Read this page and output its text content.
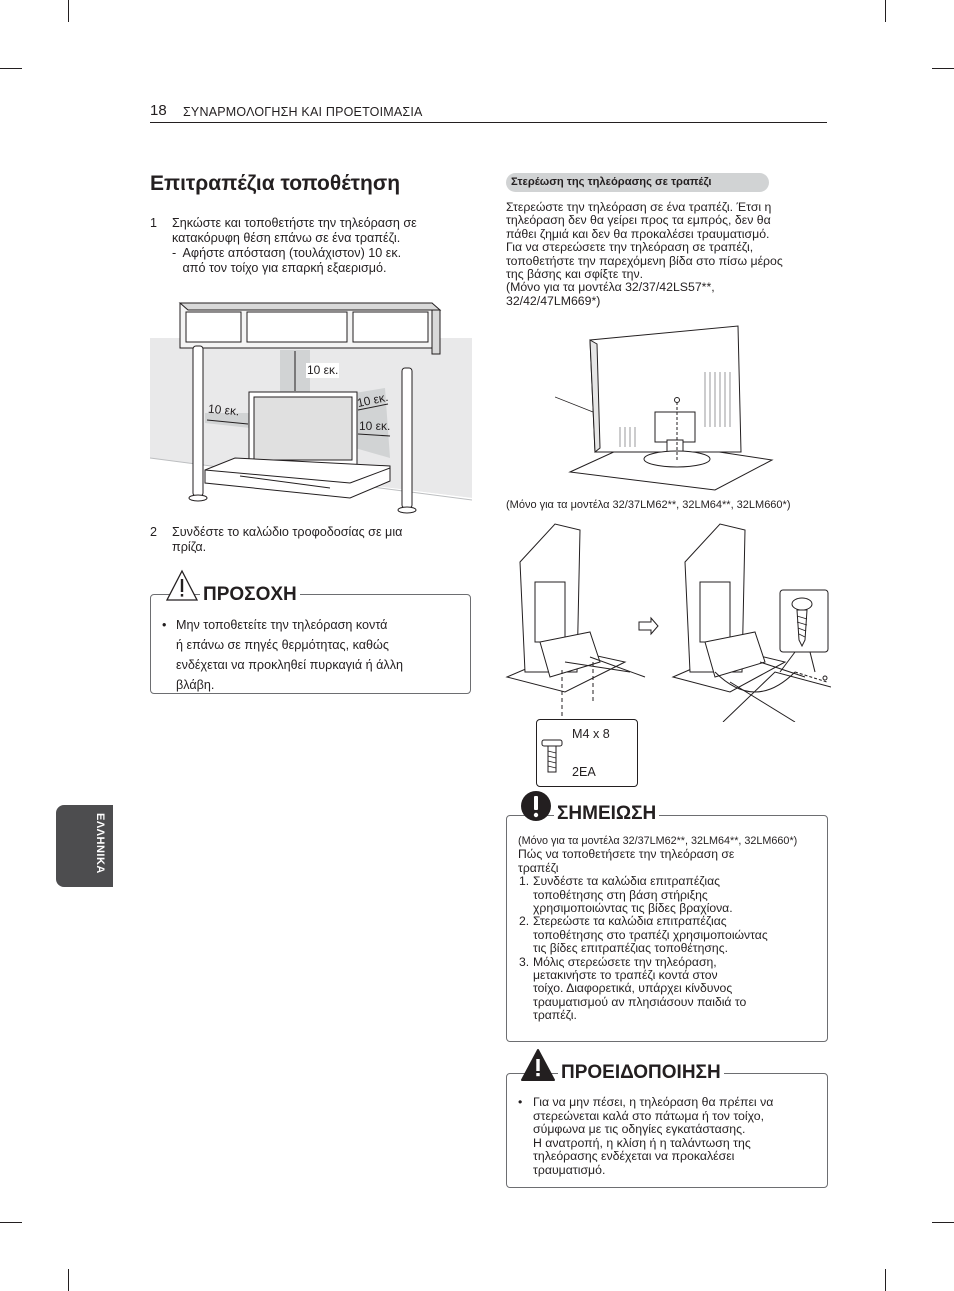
18 ΣΥΝΑΡΜΟΛΟΓΗΣΗ ΚΑΙ ΠΡΟΕΤΟΙΜΑΣΙΑ
Επιτραπέζια τοποθέτηση
1 Σηκώστε και τοποθετήστε την τηλεόραση σε
κατακόρυφη θέση επάνω σε ένα τραπέζι.
-  Αφήστε απόσταση (τουλάχιστον) 10 εκ.
από τον τοίχο για επαρκή εξαερισμό.
10 εκ.
10 εκ.	10 εκ.
10 εκ.
2 Συνδέστε το καλώδιο τροφοδοσίας σε μια
πρίζα.
ΠΡΟΣΟΧΗ
• Μην τοποθετείτε την τηλεόραση κοντά
ή επάνω σε πηγές θερμότητας, καθώς
ενδέχεται να προκληθεί πυρκαγιά ή άλλη
βλάβη.
ΕΛΛΗΝΙΚΑ
Στερέωση της τηλεόρασης σε τραπέζι
Στερεώστε την τηλεόραση σε ένα τραπέζι. Έτσι η
τηλεόραση δεν θα γείρει προς τα εμπρός, δεν θα
πάθει ζημιά και δεν θα προκαλέσει τραυματισμό.
Για να στερεώσετε την τηλεόραση σε τραπέζι,
τοποθετήστε την παρεχόμενη βίδα στο πίσω μέρος
της βάσης και σφίξτε την.
(Μόνο για τα μοντέλα 32/37/42LS57**,
32/42/47LM669*)
(Μόνο για τα μοντέλα 32/37LM62**, 32LM64**, 32LM660*)
M4 x 8
2EA
ΣΗΜΕΙΩΣΗ
(Μόνο για τα μοντέλα 32/37LM62**, 32LM64**, 32LM660*)
Πώς να τοποθετήσετε την τηλεόραση σε
τραπέζι
1. Συνδέστε τα καλώδια επιτραπέζιας
τοποθέτησης στη βάση στήριξης
χρησιμοποιώντας τις βίδες βραχίονα.
2. Στερεώστε τα καλώδια επιτραπέζιας
τοποθέτησης στο τραπέζι χρησιμοποιώντας
τις βίδες επιτραπέζιας τοποθέτησης.
3. Μόλις στερεώσετε την τηλεόραση,
μετακινήστε το τραπέζι κοντά στον
τοίχο. Διαφορετικά, υπάρχει κίνδυνος
τραυματισμού αν πλησιάσουν παιδιά το
τραπέζι.
ΠΡΟΕΙΔΟΠΟΙΗΣΗ
• Για να μην πέσει, η τηλεόραση θα πρέπει να
στερεώνεται καλά στο πάτωμα ή τον τοίχο,
σύμφωνα με τις οδηγίες εγκατάστασης.
Η ανατροπή, η κλίση ή η ταλάντωση της
τηλεόρασης ενδέχεται να προκαλέσει
τραυματισμό.
